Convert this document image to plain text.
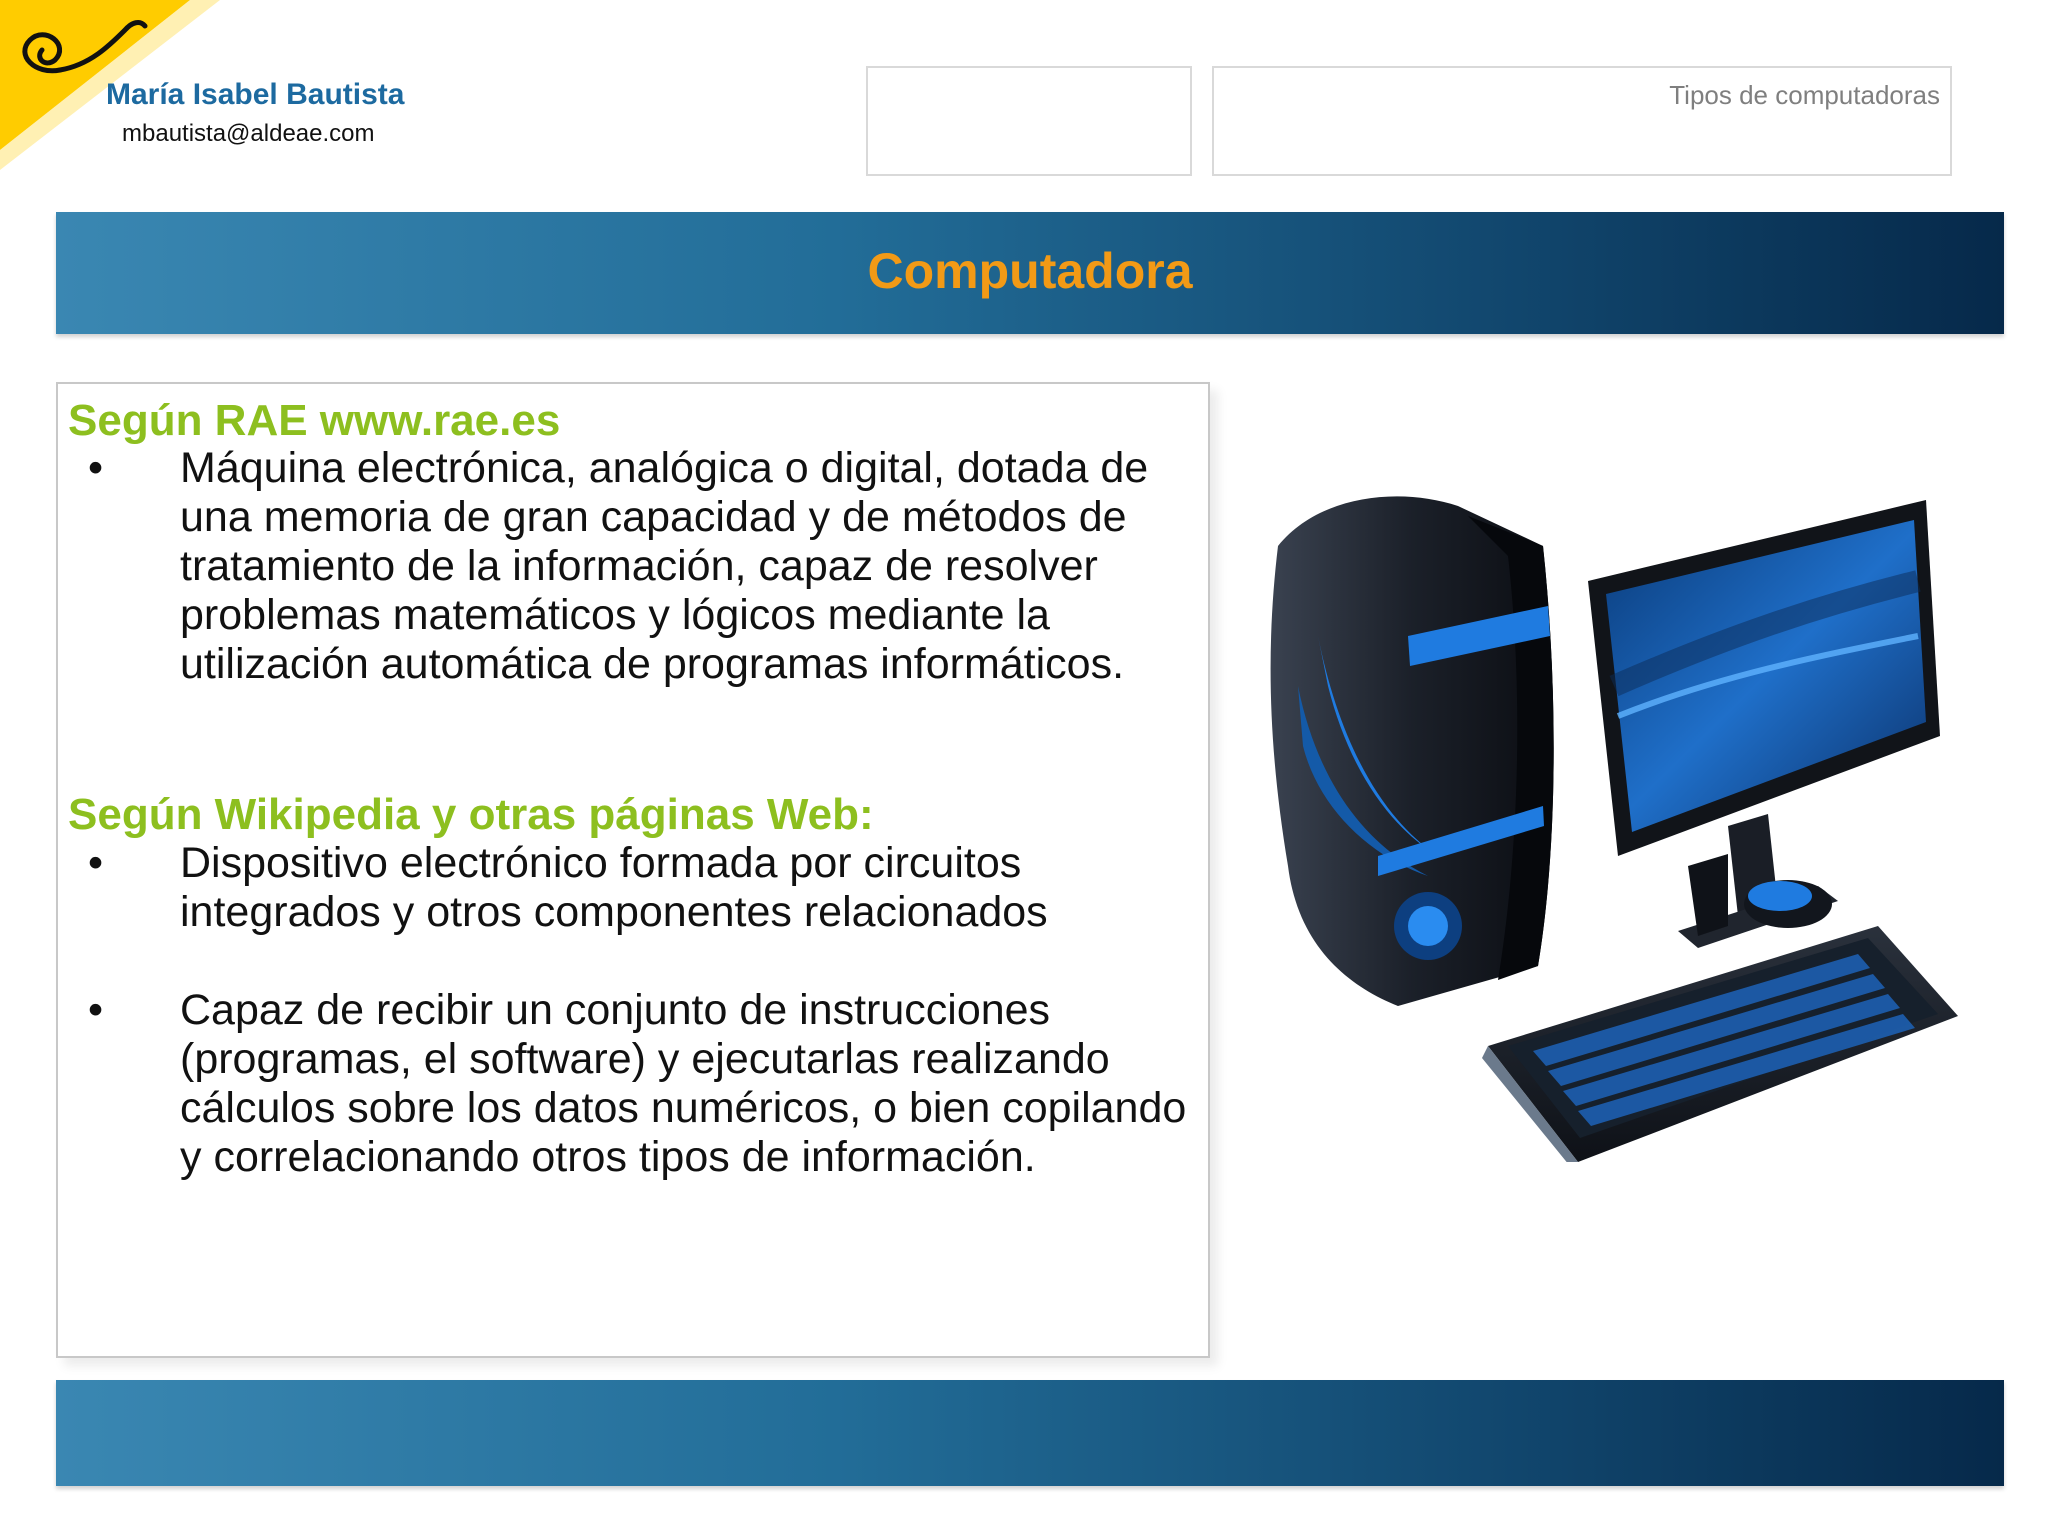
María Isabel Bautista
mbautista@aldeae.com
Tipos de computadoras
Computadora
Según RAE www.rae.es
•	Máquina electrónica, analógica o digital, dotada de una memoria de gran capacidad y de métodos de tratamiento de la información, capaz de resolver problemas matemáticos y lógicos mediante la utilización automática de programas informáticos.
Según Wikipedia y otras páginas Web:
•	Dispositivo electrónico formada por circuitos integrados y otros componentes relacionados
•	Capaz de recibir un conjunto de instrucciones (programas, el software) y ejecutarlas realizando cálculos sobre los datos numéricos, o bien copilando y correlacionando otros tipos de información.
